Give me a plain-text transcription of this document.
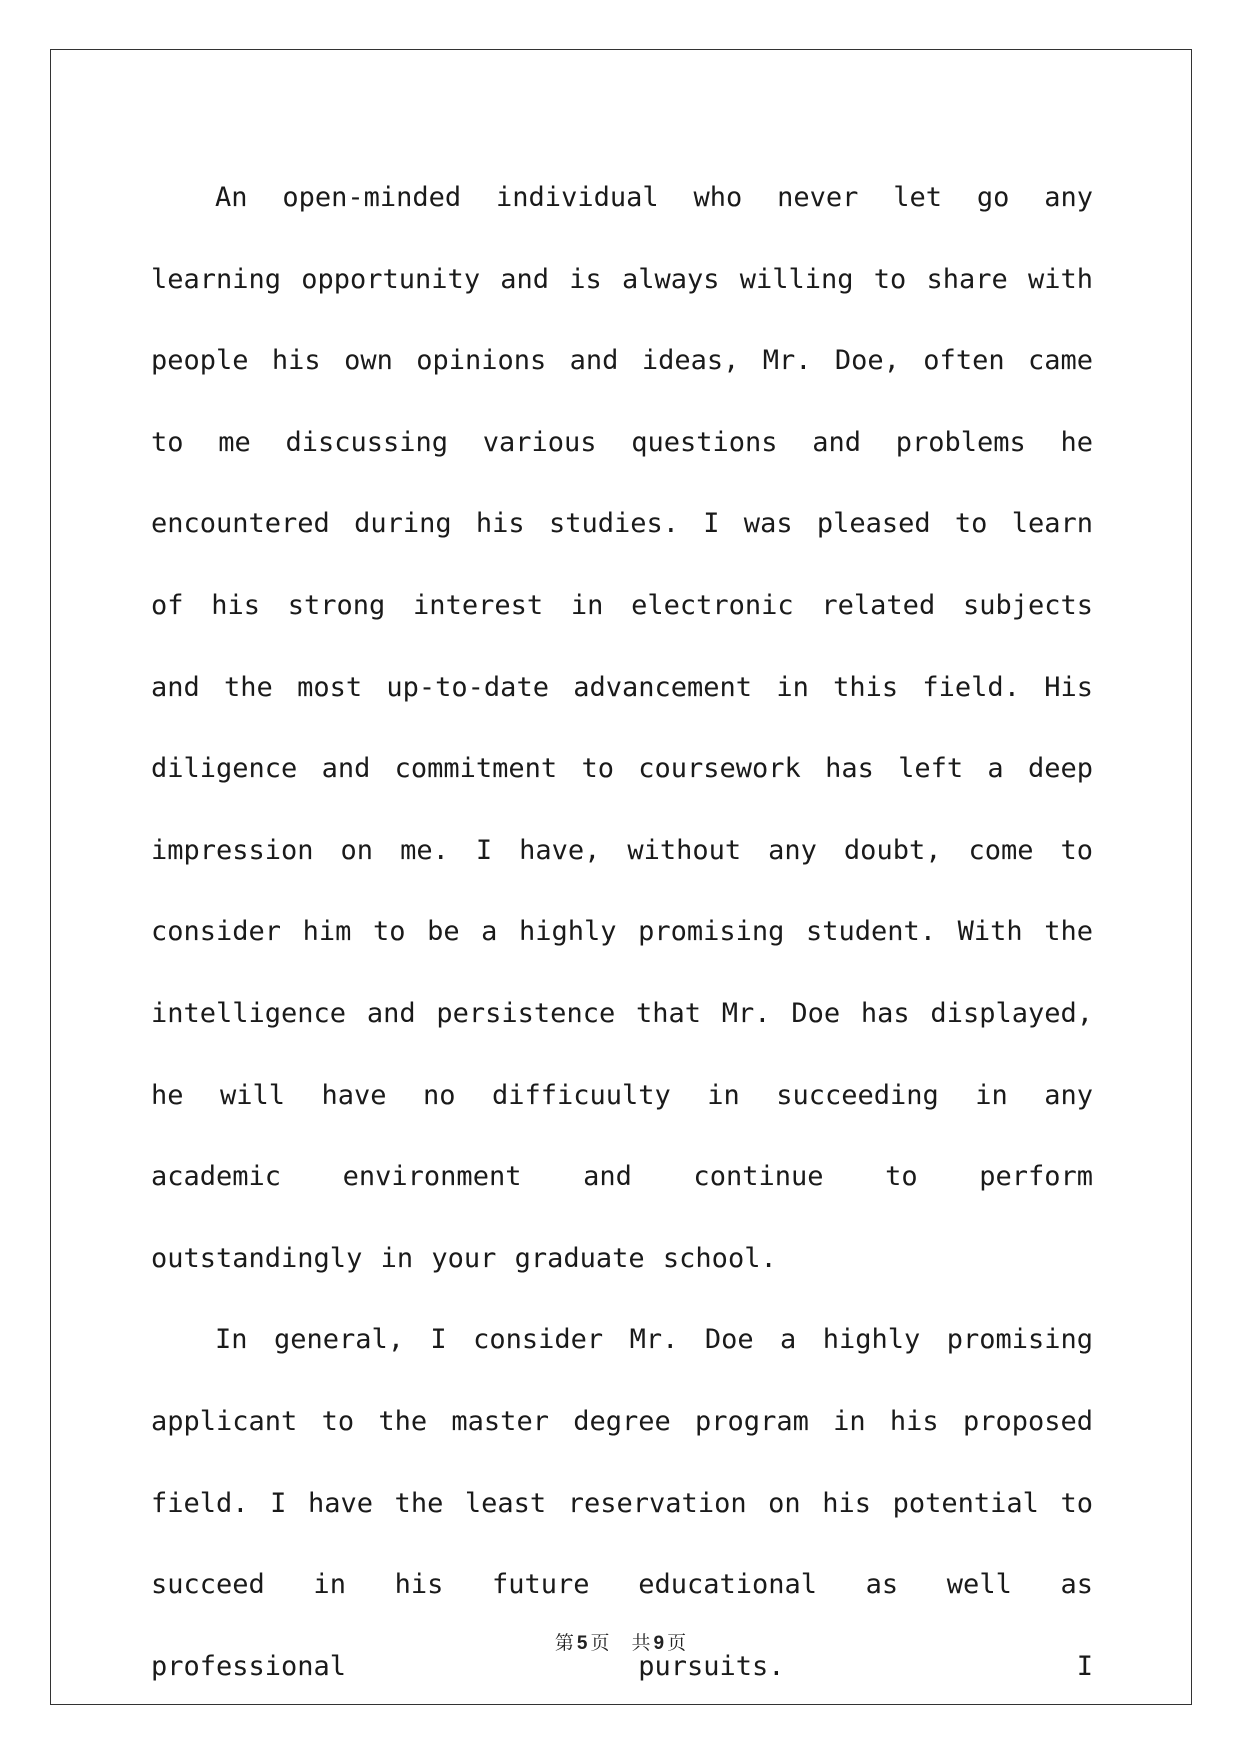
An open-minded individual who never let go any learning opportunity and is always willing to share with people his own opinions and ideas, Mr. Doe, often came to me discussing various questions and problems he encountered during his studies. I was pleased to learn of his strong interest in electronic related subjects and the most up-to-date advancement in this field. His diligence and commitment to coursework has left a deep impression on me. I have, without any doubt, come to consider him to be a highly promising student. With the intelligence and persistence that Mr. Doe has displayed, he will have no difficuulty in succeeding in any academic environment and continue to perform outstandingly in your graduate school.

In general, I consider Mr. Doe a highly promising applicant to the master degree program in his proposed field. I have the least reservation on his potential to succeed in his future educational as well as professional pursuits. I

第 5 页 共 9 页
